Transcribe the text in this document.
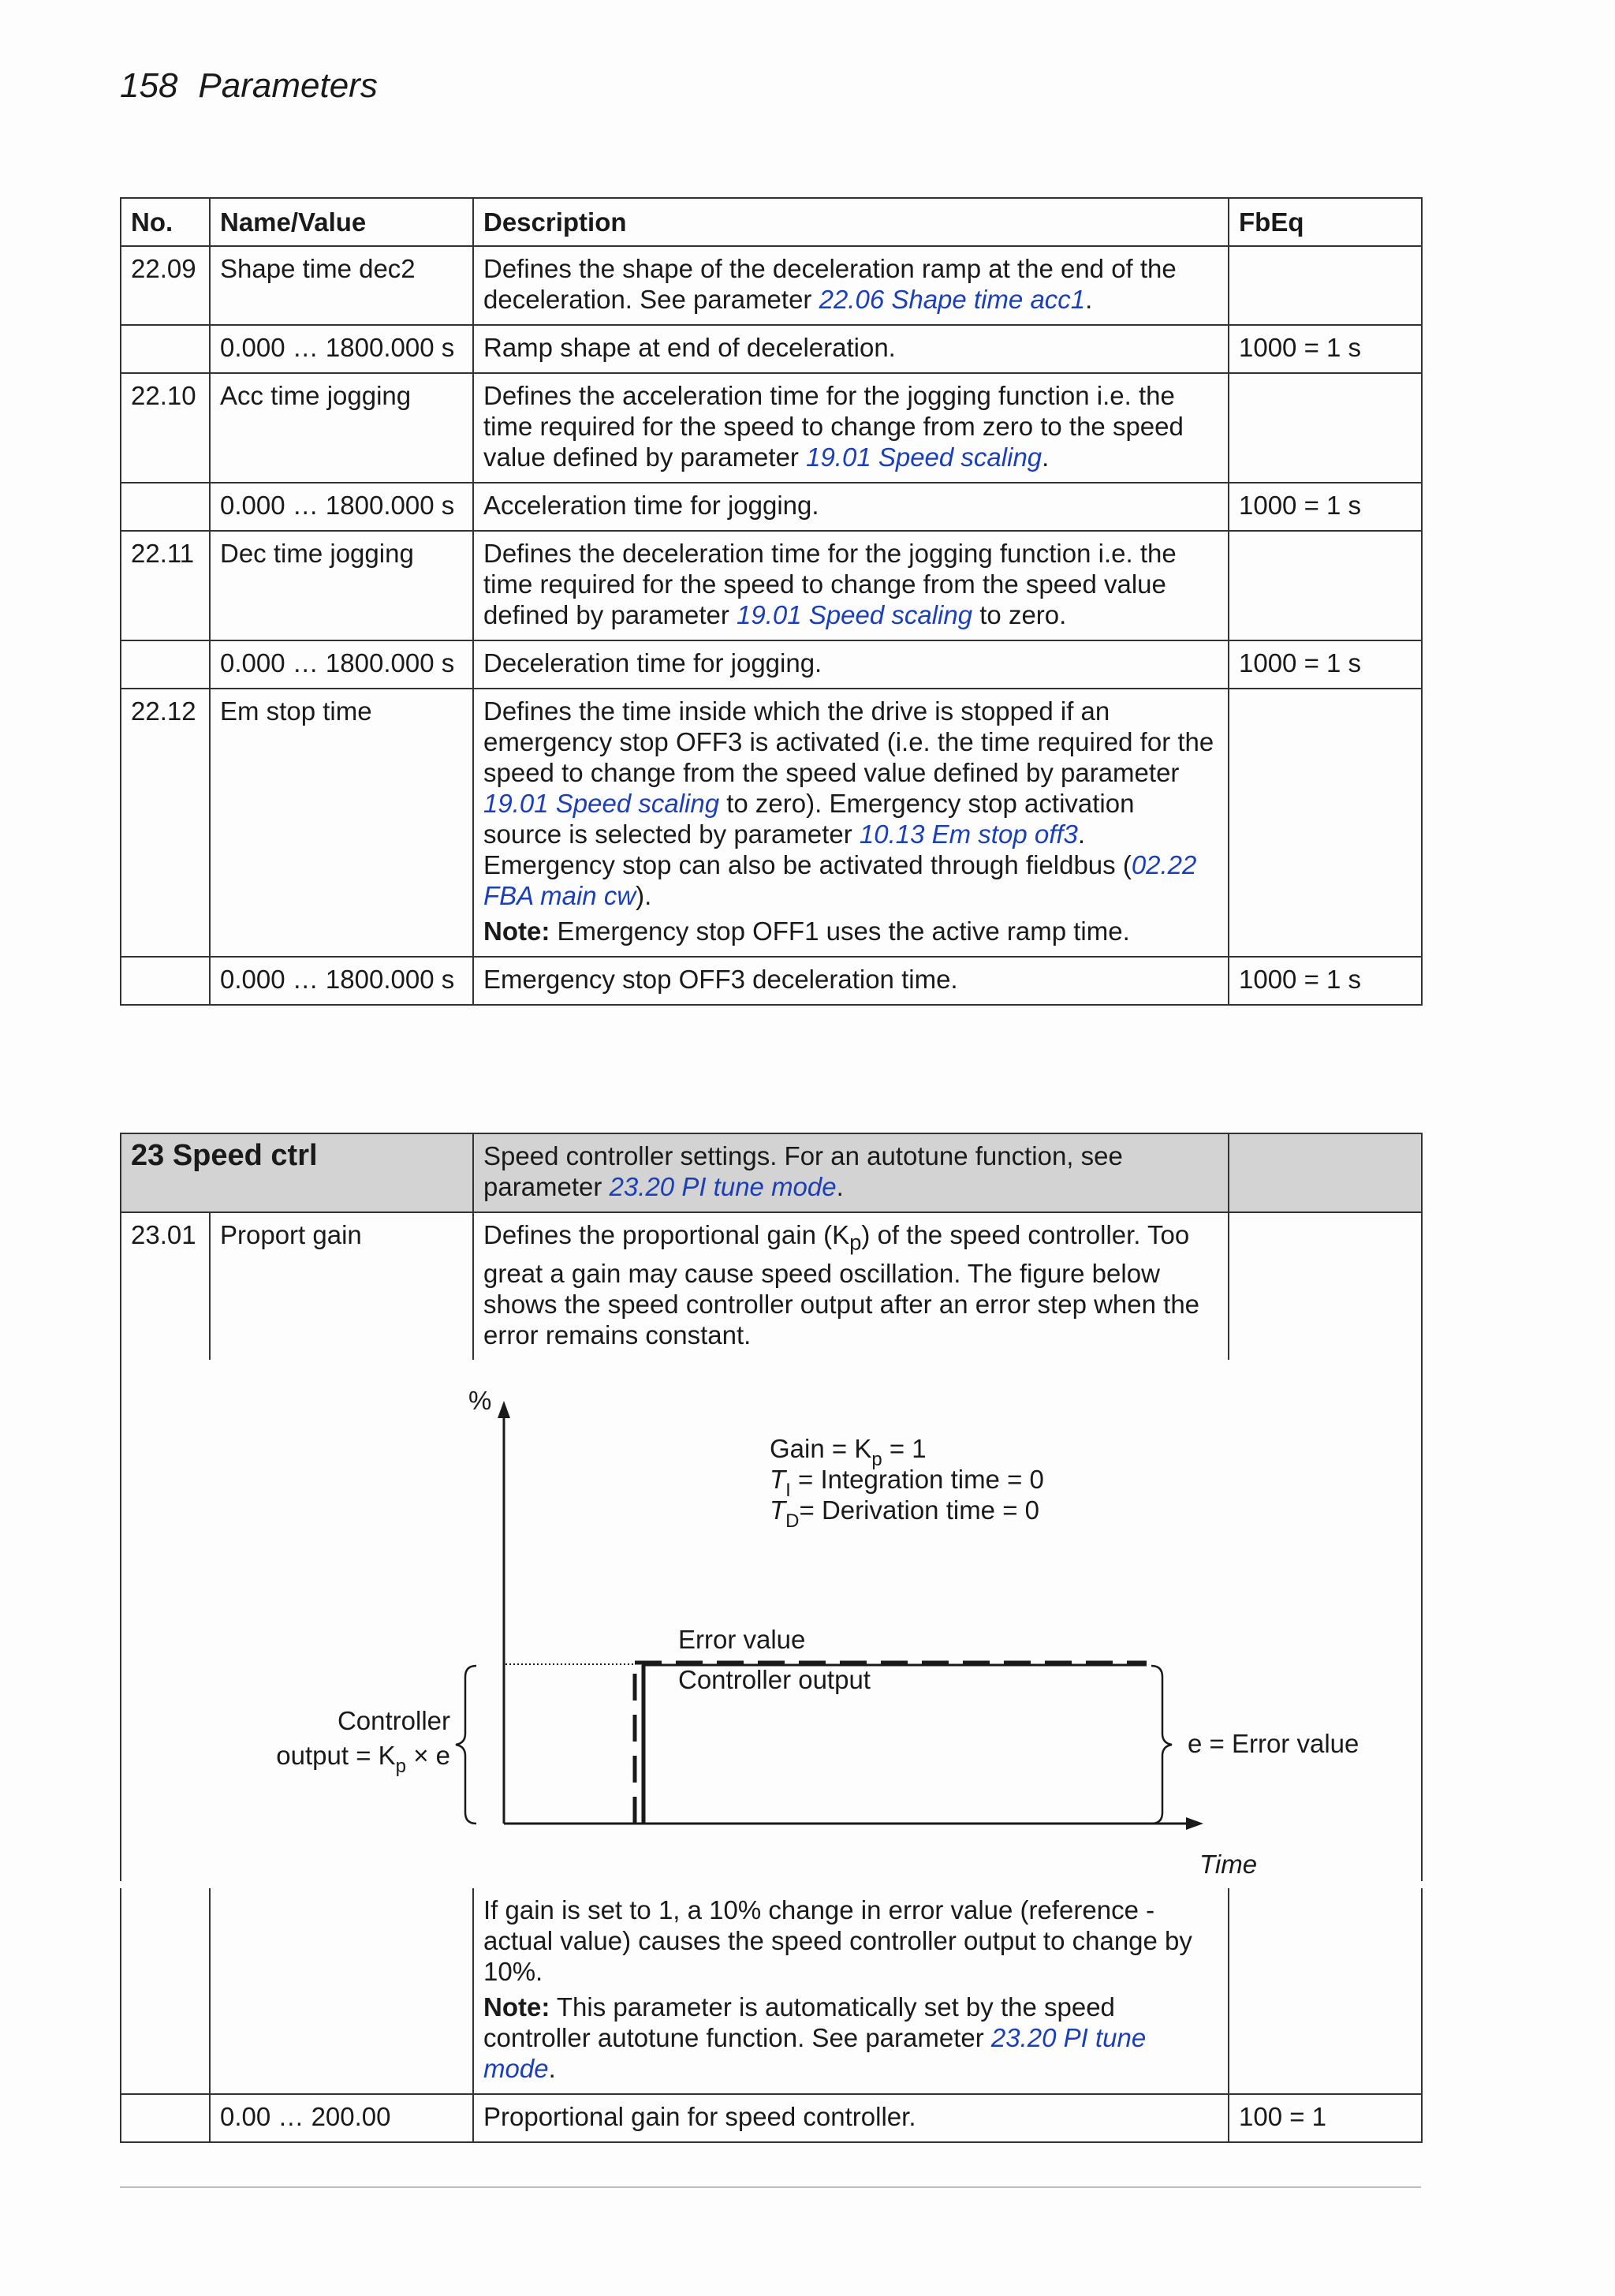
158 Parameters
No.	Name/Value	Description	FbEq
22.09	Shape time dec2	Defines the shape of the deceleration ramp at the end of the deceleration. See parameter 22.06 Shape time acc1.	
	0.000 … 1800.000 s	Ramp shape at end of deceleration.	1000 = 1 s
22.10	Acc time jogging	Defines the acceleration time for the jogging function i.e. the time required for the speed to change from zero to the speed value defined by parameter 19.01 Speed scaling.	
	0.000 … 1800.000 s	Acceleration time for jogging.	1000 = 1 s
22.11	Dec time jogging	Defines the deceleration time for the jogging function i.e. the time required for the speed to change from the speed value defined by parameter 19.01 Speed scaling to zero.	
	0.000 … 1800.000 s	Deceleration time for jogging.	1000 = 1 s
22.12	Em stop time	Defines the time inside which the drive is stopped if an emergency stop OFF3 is activated (i.e. the time required for the speed to change from the speed value defined by parameter 19.01 Speed scaling to zero). Emergency stop activation source is selected by parameter 10.13 Em stop off3. Emergency stop can also be activated through fieldbus (02.22 FBA main cw).
Note: Emergency stop OFF1 uses the active ramp time.	

	0.000 … 1800.000 s	Emergency stop OFF3 deceleration time.	1000 = 1 s
23 Speed ctrl		Speed controller settings. For an autotune function, see parameter 23.20 PI tune mode.	
23.01	Proport gain	Defines the proportional gain $(K_p)$ of the speed controller. Too great a gain may cause speed oscillation. The figure below shows the speed controller output after an error step when the error remains constant.	
%
Time
Gain = $K_p = 1$
$T_I$ = Integration time = 0
$T_D=$ Derivation time = 0
Error value
Controller output
Controller
output = $K_p \times e$	e = Error value

		If gain is set to 1, a 10% change in error value (reference - actual value) causes the speed controller output to change by 10%.
Note: This parameter is automatically set by the speed controller autotune function. See parameter 23.20 PI tune mode.	

	0.00 … 200.00	Proportional gain for speed controller.	100 = 1
